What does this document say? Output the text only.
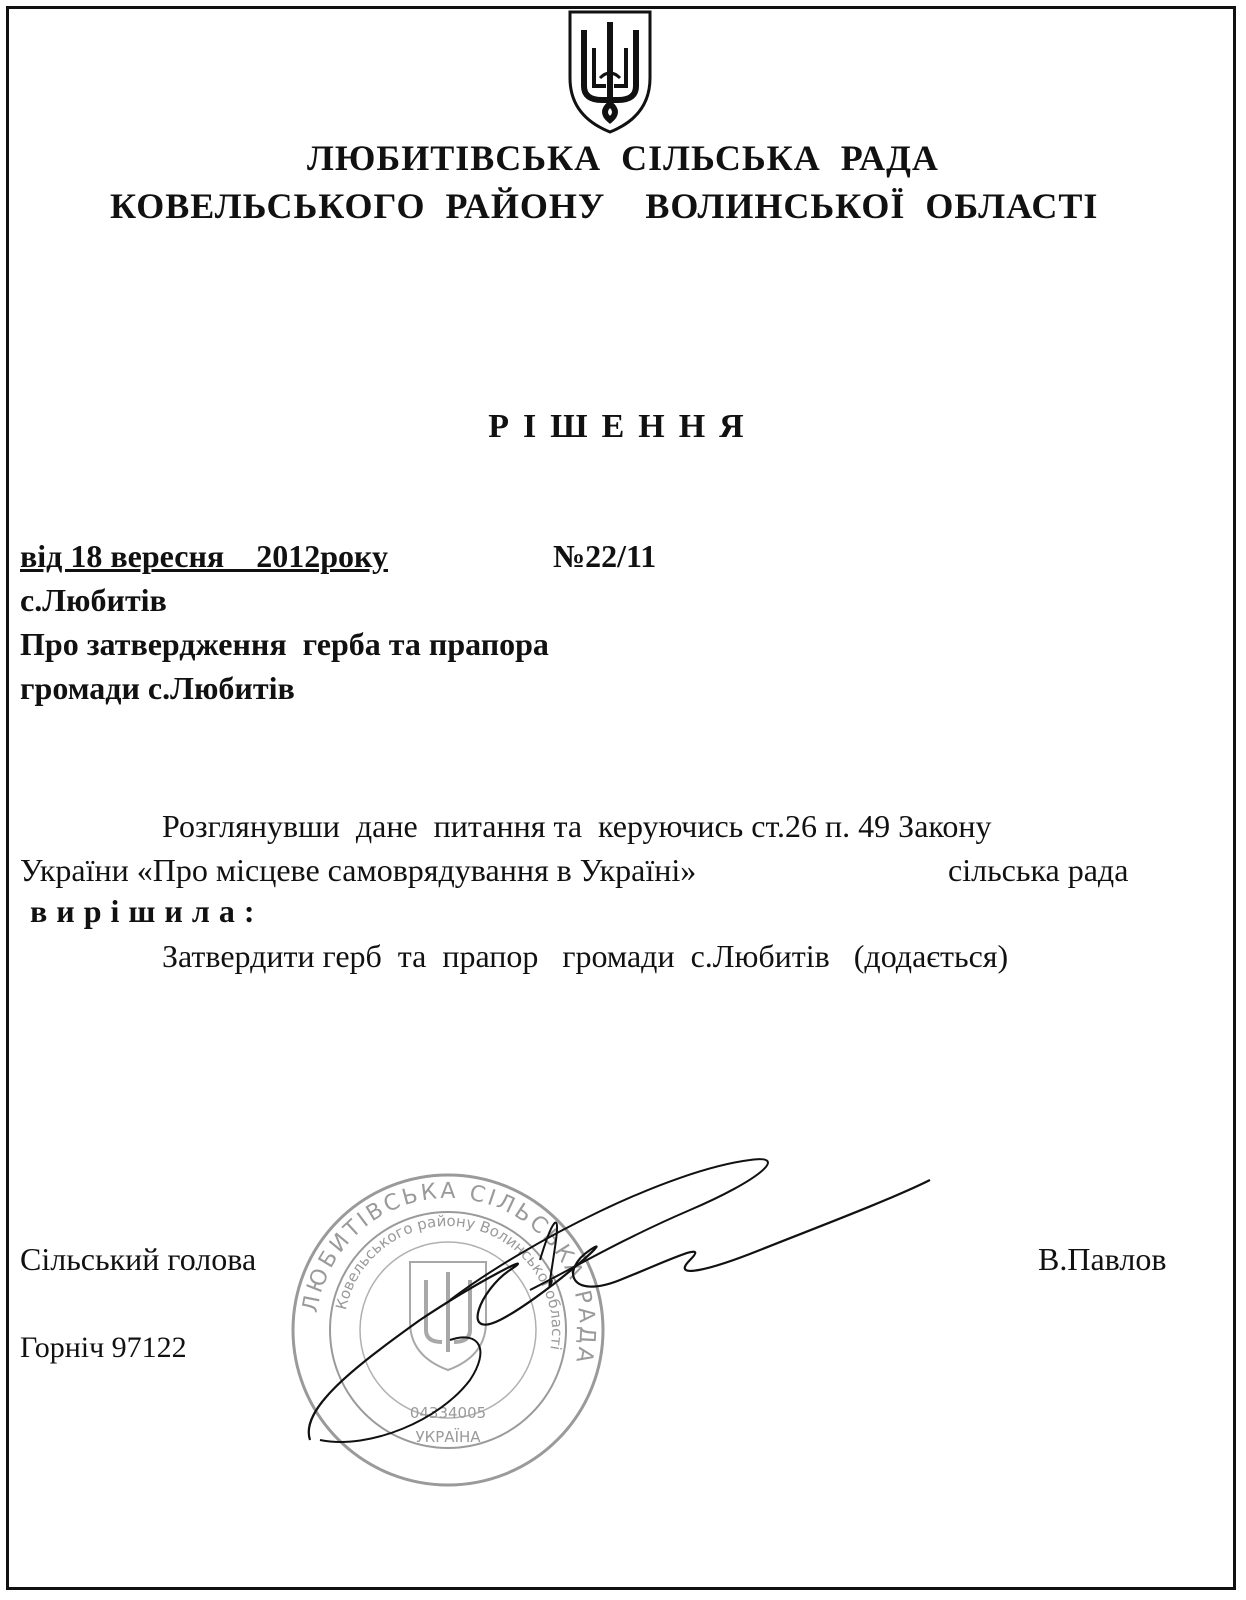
ЛЮБИТІВСЬКА  СІЛЬСЬКА  РАДА
КОВЕЛЬСЬКОГО  РАЙОНУ    ВОЛИНСЬКОЇ  ОБЛАСТІ
РІШЕННЯ
від 18 вересня    2012року	№22/11
с.Любитів
Про затвердження  герба та прапора
громади с.Любитів
Розглянувши  дане  питання та  керуючись ст.26 п. 49 Закону
України «Про місцеве самоврядування в Україні»	сільська рада
вирішила:
Затвердити герб  та  прапор   громади  с.Любитів   (додається)
ЛЮБИТІВСЬКА СІЛЬСЬКА РАДА
Ковельського району Волинської області
04334005
УКРАЇНА
Сільський голова	В.Павлов
Горніч 97122
